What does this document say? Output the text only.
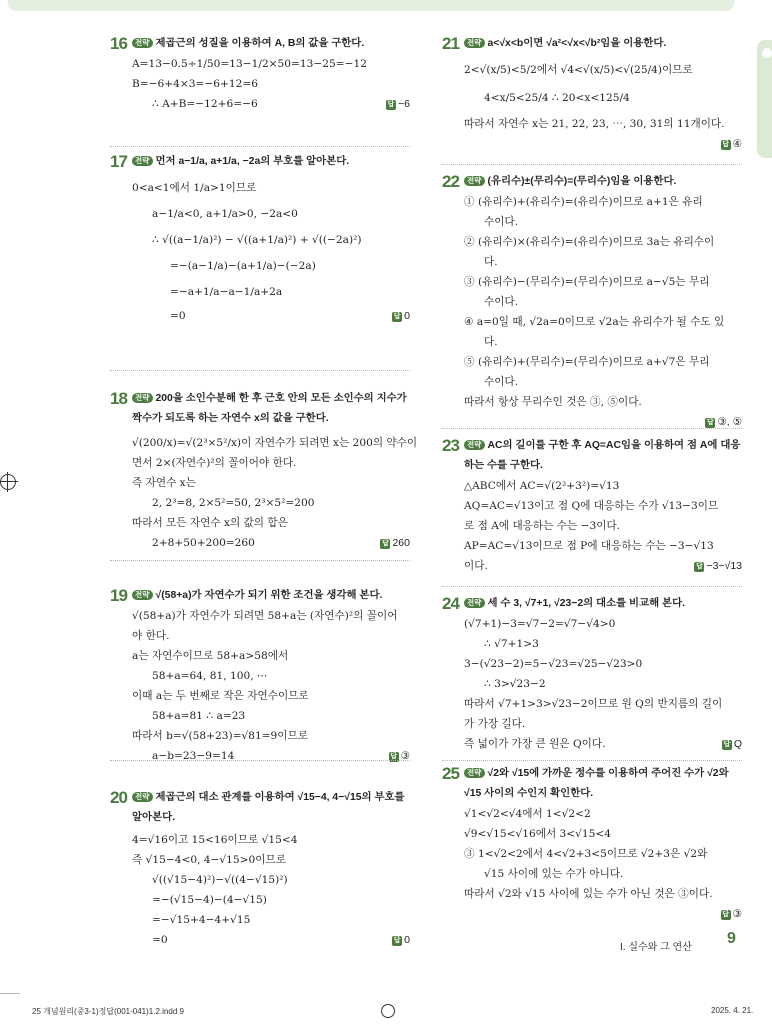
16	전략 제곱근의 성질을 이용하여 A, B의 값을 구한다.
A=13−0.5÷1/50=13−1/2×50=13−25=−12
B=−6+4×3=−6+12=6
∴ A+B=−12+6=−6	답 −6
17	전략 먼저 a−1/a, a+1/a, −2a의 부호를 알아본다.
0<a<1에서 1/a>1이므로
a−1/a<0, a+1/a>0, −2a<0
∴ √((a−1/a)²) − √((a+1/a)²) + √((−2a)²)
=−(a−1/a)−(a+1/a)−(−2a)
=−a+1/a−a−1/a+2a
=0	답 0
18	전략 200을 소인수분해 한 후 근호 안의 모든 소인수의 지수가 짝수가 되도록 하는 자연수 x의 값을 구한다.
√(200/x)=√(2³×5²/x)이 자연수가 되려면 x는 200의 약수이
면서 2×(자연수)²의 꼴이어야 한다.
즉 자연수 x는
2, 2³=8, 2×5²=50, 2³×5²=200
따라서 모든 자연수 x의 값의 합은
2+8+50+200=260	답 260
19	전략 √(58+a)가 자연수가 되기 위한 조건을 생각해 본다.
√(58+a)가 자연수가 되려면 58+a는 (자연수)²의 꼴이어
야 한다.
a는 자연수이므로 58+a>58에서
58+a=64, 81, 100, ⋯
이때 a는 두 번째로 작은 자연수이므로
58+a=81 ∴ a=23
따라서 b=√(58+23)=√81=9이므로
a−b=23−9=14	답 ③
20	전략 제곱근의 대소 관계를 이용하여 √15−4, 4−√15의 부호를 알아본다.
4=√16이고 15<16이므로 √15<4
즉 √15−4<0, 4−√15>0이므로
√((√15−4)²)−√((4−√15)²)
=−(√15−4)−(4−√15)
=−√15+4−4+√15
=0	답 0
21	전략 a<√x<b이면 √a²<√x<√b²임을 이용한다.
2<√(x/5)<5/2에서 √4<√(x/5)<√(25/4)이므로
4<x/5<25/4 ∴ 20<x<125/4
따라서 자연수 x는 21, 22, 23, ⋯, 30, 31의 11개이다.
답 ④
22	전략 (유리수)±(무리수)=(무리수)임을 이용한다.
① (유리수)+(유리수)=(유리수)이므로 a+1은 유리
수이다.
② (유리수)×(유리수)=(유리수)이므로 3a는 유리수이
다.
③ (유리수)−(무리수)=(무리수)이므로 a−√5는 무리
수이다.
④ a=0일 때, √2a=0이므로 √2a는 유리수가 될 수도 있
다.
⑤ (유리수)+(무리수)=(무리수)이므로 a+√7은 무리
수이다.
따라서 항상 무리수인 것은 ③, ⑤이다.
답 ③, ⑤
23	전략 AC의 길이를 구한 후 AQ=AC임을 이용하여 점 A에 대응하는 수를 구한다.
△ABC에서 AC=√(2²+3²)=√13
AQ=AC=√13이고 점 Q에 대응하는 수가 √13−3이므
로 점 A에 대응하는 수는 −3이다.
AP=AC=√13이므로 점 P에 대응하는 수는 −3−√13
이다.	답 −3−√13
24	전략 세 수 3, √7+1, √23−2의 대소를 비교해 본다.
(√7+1)−3=√7−2=√7−√4>0
∴ √7+1>3
3−(√23−2)=5−√23=√25−√23>0
∴ 3>√23−2
따라서 √7+1>3>√23−2이므로 원 Q의 반지름의 길이
가 가장 길다.
즉 넓이가 가장 큰 원은 Q이다.	답 Q
25	전략 √2와 √15에 가까운 정수를 이용하여 주어진 수가 √2와 √15 사이의 수인지 확인한다.
√1<√2<√4에서 1<√2<2
√9<√15<√16에서 3<√15<4
③ 1<√2<2에서 4<√2+3<5이므로 √2+3은 √2와
√15 사이에 있는 수가 아니다.
따라서 √2와 √15 사이에 있는 수가 아닌 것은 ③이다.
답 ③
I. 실수와 그 연산
9
25 개념원리(중3-1)정답(001-041)1.2.indd 9	2025. 4. 21.
